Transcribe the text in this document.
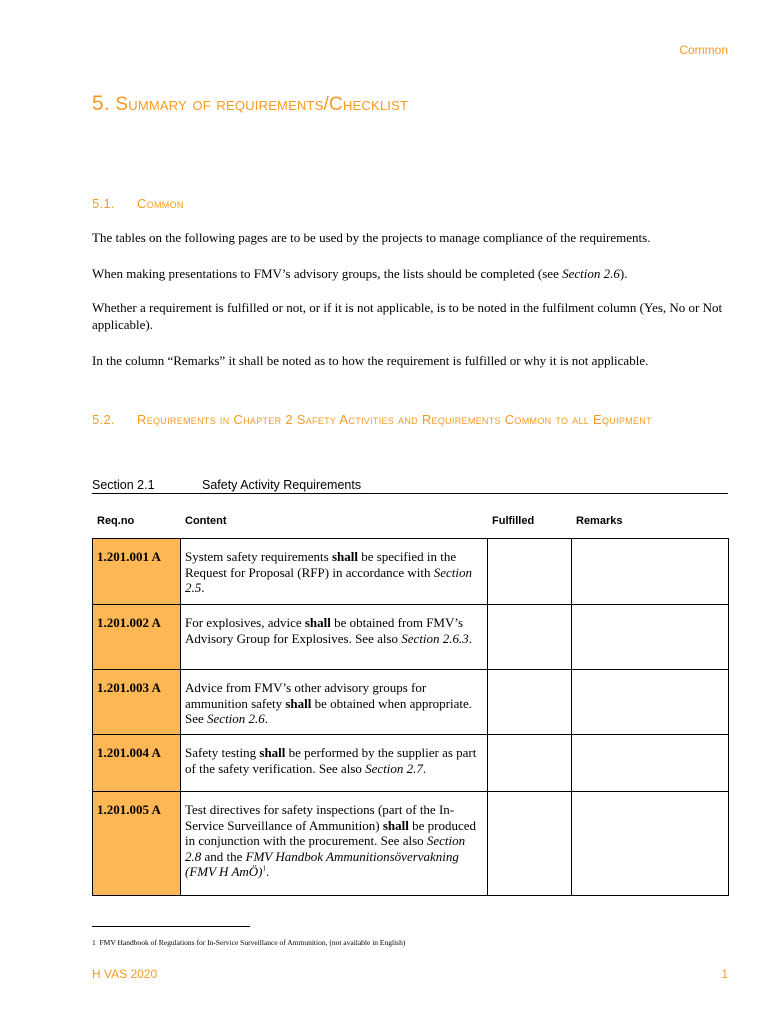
Common
5. Summary of requirements/Checklist
5.1. Common

The tables on the following pages are to be used by the projects to manage compliance of the requirements.

When making presentations to FMV’s advisory groups, the lists should be completed (see Section 2.6).

Whether a requirement is fulfilled or not, or if it is not applicable, is to be noted in the fulfilment column (Yes, No or Not applicable).

In the column “Remarks” it shall be noted as to how the requirement is fulfilled or why it is not applicable.

5.2. Requirements in Chapter 2 Safety Activities and Requirements Common to all Equipment
Section 2.1	Safety Activity Requirements
Req.no	Content	Fulfilled	Remarks
1.201.001 A	System safety requirements shall be specified in the Request for Proposal (RFP) in accordance with Section 2.5.		
1.201.002 A	For explosives, advice shall be obtained from FMV’s Advisory Group for Explosives. See also Section 2.6.3.		
1.201.003 A	Advice from FMV’s other advisory groups for ammunition safety shall be obtained when appropriate. See Section 2.6.		
1.201.004 A	Safety testing shall be performed by the supplier as part of the safety verification. See also Section 2.7.		
1.201.005 A	Test directives for safety inspections (part of the In-Service Surveillance of Ammunition) shall be produced in conjunction with the procurement. See also Section 2.8 and the FMV Handbok Ammunitionsövervakning (FMV H AmÖ)$^1$.		
1 FMV Handbook of Regulations for In-Service Surveillance of Ammunition, (not available in English)
H VAS 2020	1
